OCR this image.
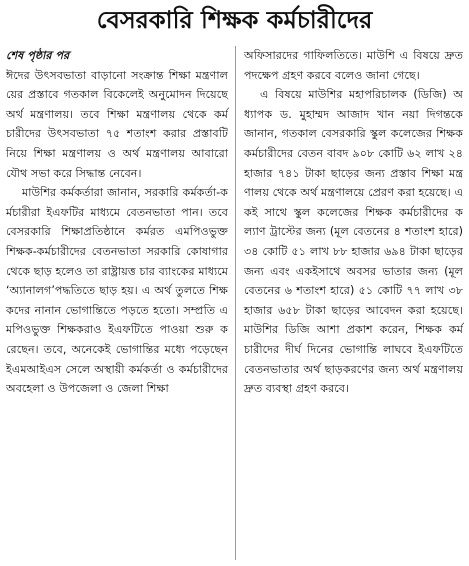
বেসরকারি শিক্ষক কর্মচারীদের
শেষ পৃষ্ঠার পর

ঈদের উৎসবভাতা বাড়ানো সংক্রান্ত শিক্ষা মন্ত্রণালয়ের প্রস্তাবে গতকাল বিকেলেই অনুমোদন দিয়েছে অর্থ মন্ত্রণালয়। তবে শিক্ষা মন্ত্রণালয় থেকে কর্মচারীদের উৎসবভাতা ৭৫ শতাংশ করার প্রস্তাবটি নিয়ে শিক্ষা মন্ত্রণালয় ও অর্থ মন্ত্রণালয় আবারো যৌথ সভা করে সিদ্ধান্ত নেবেন।

মাউশির কর্মকর্তারা জানান, সরকারি কর্মকর্তা-কর্মচারীরা ইএফটির মাধ্যমে বেতনভাতা পান। তবে বেসরকারি শিক্ষাপ্রতিষ্ঠানে কর্মরত এমপিওভুক্ত শিক্ষক-কর্মচারীদের বেতনভাতা সরকারি কোষাগার থেকে ছাড় হলেও তা রাষ্ট্রায়ত্ত চার ব্যাংকের মাধ্যমে ‘অ্যানালগ’পদ্ধতিতে ছাড় হয়। এ অর্থ তুলতে শিক্ষকদের নানান ভোগান্তিতে পড়তে হতো। সম্প্রতি এমপিওভুক্ত শিক্ষকরাও ইএফটিতে পাওয়া শুরু করেছেন। তবে, অনেকেই ভোগান্তির মধ্যে পড়েছেন ইএমআইএস সেলে অস্থায়ী কর্মকর্তা ও কর্মচারীদের অবহেলা ও উপজেলা ও জেলা শিক্ষা

অফিসারদের গাফিলতিতে। মাউশি এ বিষয়ে দ্রুত পদক্ষেপ গ্রহণ করবে বলেও জানা গেছে।

এ বিষয়ে মাউশির মহাপরিচালক (ডিজি) অধ্যাপক ড. মুহাম্মদ আজাদ খান নয়া দিগন্তকে জানান, গতকাল বেসরকারি স্কুল কলেজের শিক্ষক কর্মচারীদের বেতন বাবদ ৯০৮ কোটি ৬২ লাখ ২৪ হাজার ৭৪১ টাকা ছাড়ের জন্য প্রস্তাব শিক্ষা মন্ত্রণালয় থেকে অর্থ মন্ত্রণালয়ে প্রেরণ করা হয়েছে। একই সাথে স্কুল কলেজের শিক্ষক কর্মচারীদের কল্যাণ ট্রাস্টের জন্য (মূল বেতনের ৪ শতাংশ হারে) ৩৪ কোটি ৫১ লাখ ৮৮ হাজার ৬৯৪ টাকা ছাড়ের জন্য এবং একইসাথে অবসর ভাতার জন্য (মূল বেতনের ৬ শতাংশ হারে) ৫১ কোটি ৭৭ লাখ ৩৮ হাজার ৬৫৮ টাকা ছাড়ের আবেদন করা হয়েছে। মাউশির ডিজি আশা প্রকাশ করেন, শিক্ষক কর্মচারীদের দীর্ঘ দিনের ভোগান্তি লাঘবে ইএফটিতে বেতনভাতার অর্থ ছাড়করণের জন্য অর্থ মন্ত্রণালয় দ্রুত ব্যবস্থা গ্রহণ করবে।
